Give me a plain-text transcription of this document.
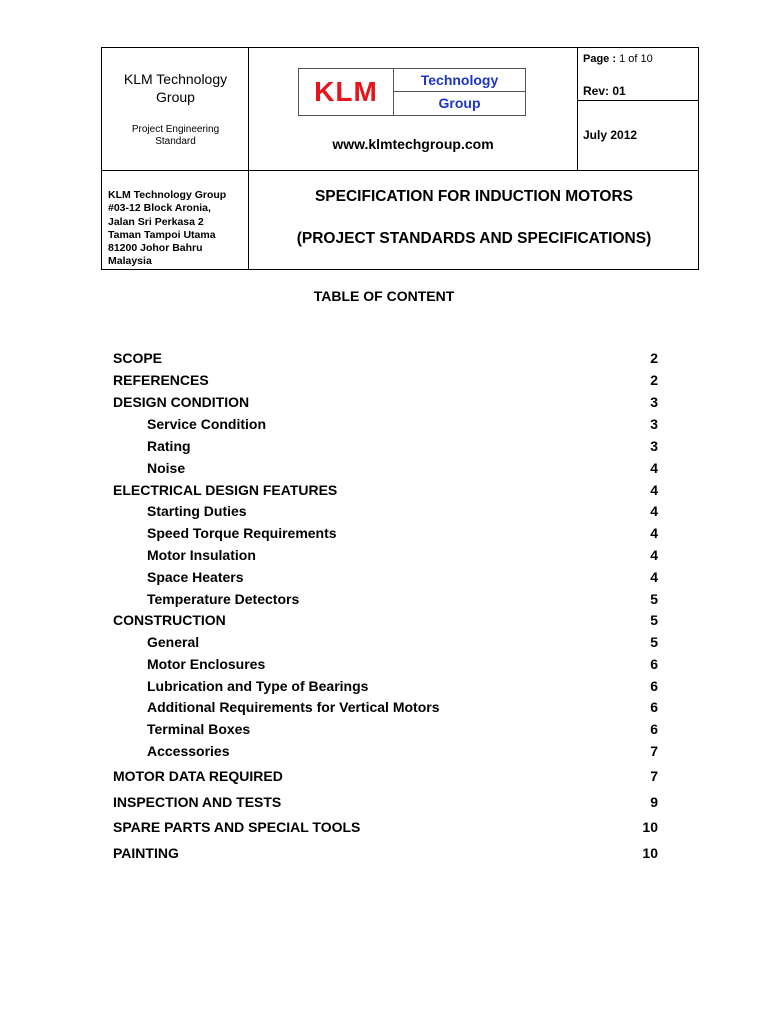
KLM Technology
Group
Project Engineering
Standard
KLM	Technology
Group
www.klmtechgroup.com
Page : 1 of 10
Rev: 01
July 2012
KLM Technology Group
#03-12 Block Aronia,
Jalan Sri Perkasa 2
Taman Tampoi Utama
81200 Johor Bahru
Malaysia
SPECIFICATION FOR INDUCTION MOTORS
(PROJECT STANDARDS AND SPECIFICATIONS)
TABLE OF CONTENT
SCOPE	2
REFERENCES	2
DESIGN CONDITION	3
Service Condition	3
Rating	3
Noise	4
ELECTRICAL DESIGN FEATURES	4
Starting Duties	4
Speed Torque Requirements	4
Motor Insulation	4
Space Heaters	4
Temperature Detectors	5
CONSTRUCTION	5
General	5
Motor Enclosures	6
Lubrication and Type of Bearings	6
Additional Requirements for Vertical Motors	6
Terminal Boxes	6
Accessories	7
MOTOR DATA REQUIRED	7
INSPECTION AND TESTS	9
SPARE PARTS AND SPECIAL TOOLS	10
PAINTING	10
